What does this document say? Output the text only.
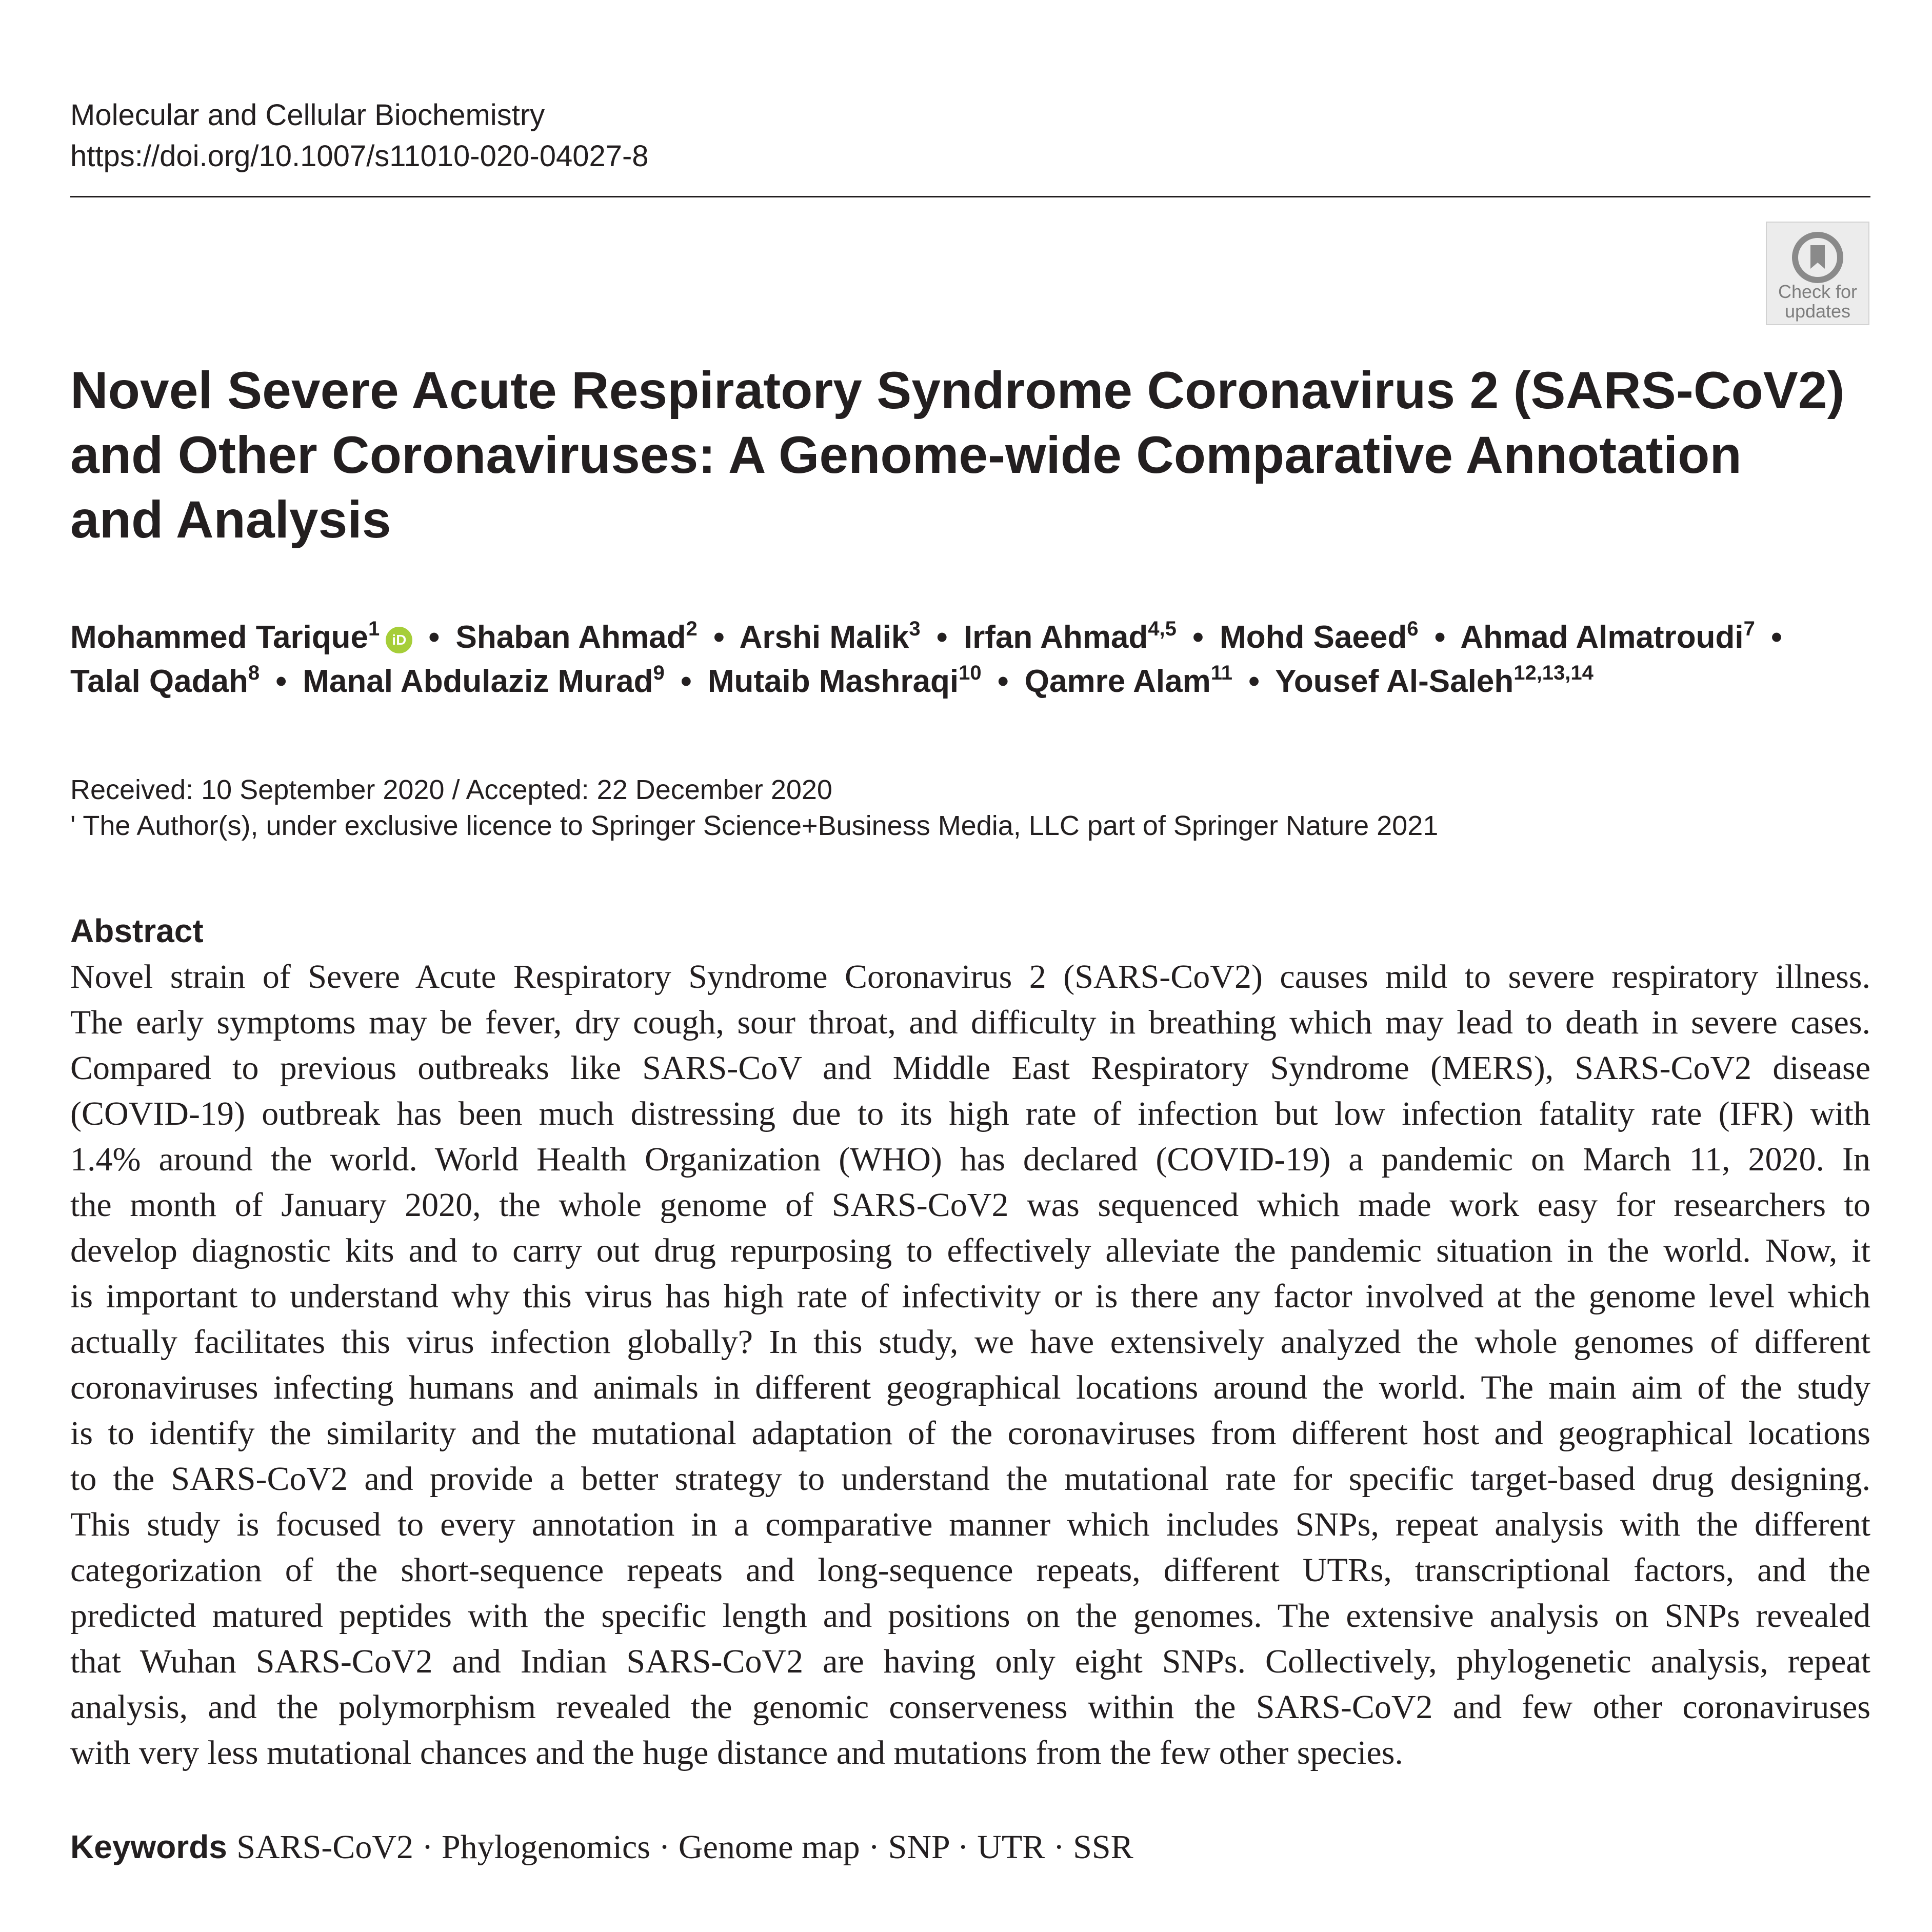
Molecular and Cellular Biochemistry
https://doi.org/10.1007/s11010-020-04027-8
Check for
updates
Novel Severe Acute Respiratory Syndrome Coronavirus 2 (SARS-CoV2)
and Other Coronaviruses: A Genome-wide Comparative Annotation
and Analysis
Mohammed Tarique$^1$ iD • Shaban Ahmad$^2$ • Arshi Malik$^3$ • Irfan Ahmad$^{4,5}$ • Mohd Saeed$^6$ • Ahmad Almatroudi$^7$ •
Talal Qadah$^8$ • Manal Abdulaziz Murad$^9$ • Mutaib Mashraqi$^{10}$ • Qamre Alam$^{11}$ • Yousef Al-Saleh$^{12,13,14}$
Received: 10 September 2020 / Accepted: 22 December 2020
' The Author(s), under exclusive licence to Springer Science+Business Media, LLC part of Springer Nature 2021
Abstract
Novel strain of Severe Acute Respiratory Syndrome Coronavirus 2 (SARS-CoV2) causes mild to severe respiratory illness.
The early symptoms may be fever, dry cough, sour throat, and difficulty in breathing which may lead to death in severe cases.
Compared to previous outbreaks like SARS-CoV and Middle East Respiratory Syndrome (MERS), SARS-CoV2 disease
(COVID-19) outbreak has been much distressing due to its high rate of infection but low infection fatality rate (IFR) with
1.4% around the world. World Health Organization (WHO) has declared (COVID-19) a pandemic on March 11, 2020. In
the month of January 2020, the whole genome of SARS-CoV2 was sequenced which made work easy for researchers to
develop diagnostic kits and to carry out drug repurposing to effectively alleviate the pandemic situation in the world. Now, it
is important to understand why this virus has high rate of infectivity or is there any factor involved at the genome level which
actually facilitates this virus infection globally? In this study, we have extensively analyzed the whole genomes of different
coronaviruses infecting humans and animals in different geographical locations around the world. The main aim of the study
is to identify the similarity and the mutational adaptation of the coronaviruses from different host and geographical locations
to the SARS-CoV2 and provide a better strategy to understand the mutational rate for specific target-based drug designing.
This study is focused to every annotation in a comparative manner which includes SNPs, repeat analysis with the different
categorization of the short-sequence repeats and long-sequence repeats, different UTRs, transcriptional factors, and the
predicted matured peptides with the specific length and positions on the genomes. The extensive analysis on SNPs revealed
that Wuhan SARS-CoV2 and Indian SARS-CoV2 are having only eight SNPs. Collectively, phylogenetic analysis, repeat
analysis, and the polymorphism revealed the genomic conserveness within the SARS-CoV2 and few other coronaviruses
with very less mutational chances and the huge distance and mutations from the few other species.
Keywords SARS-CoV2 · Phylogenomics · Genome map · SNP · UTR · SSR
